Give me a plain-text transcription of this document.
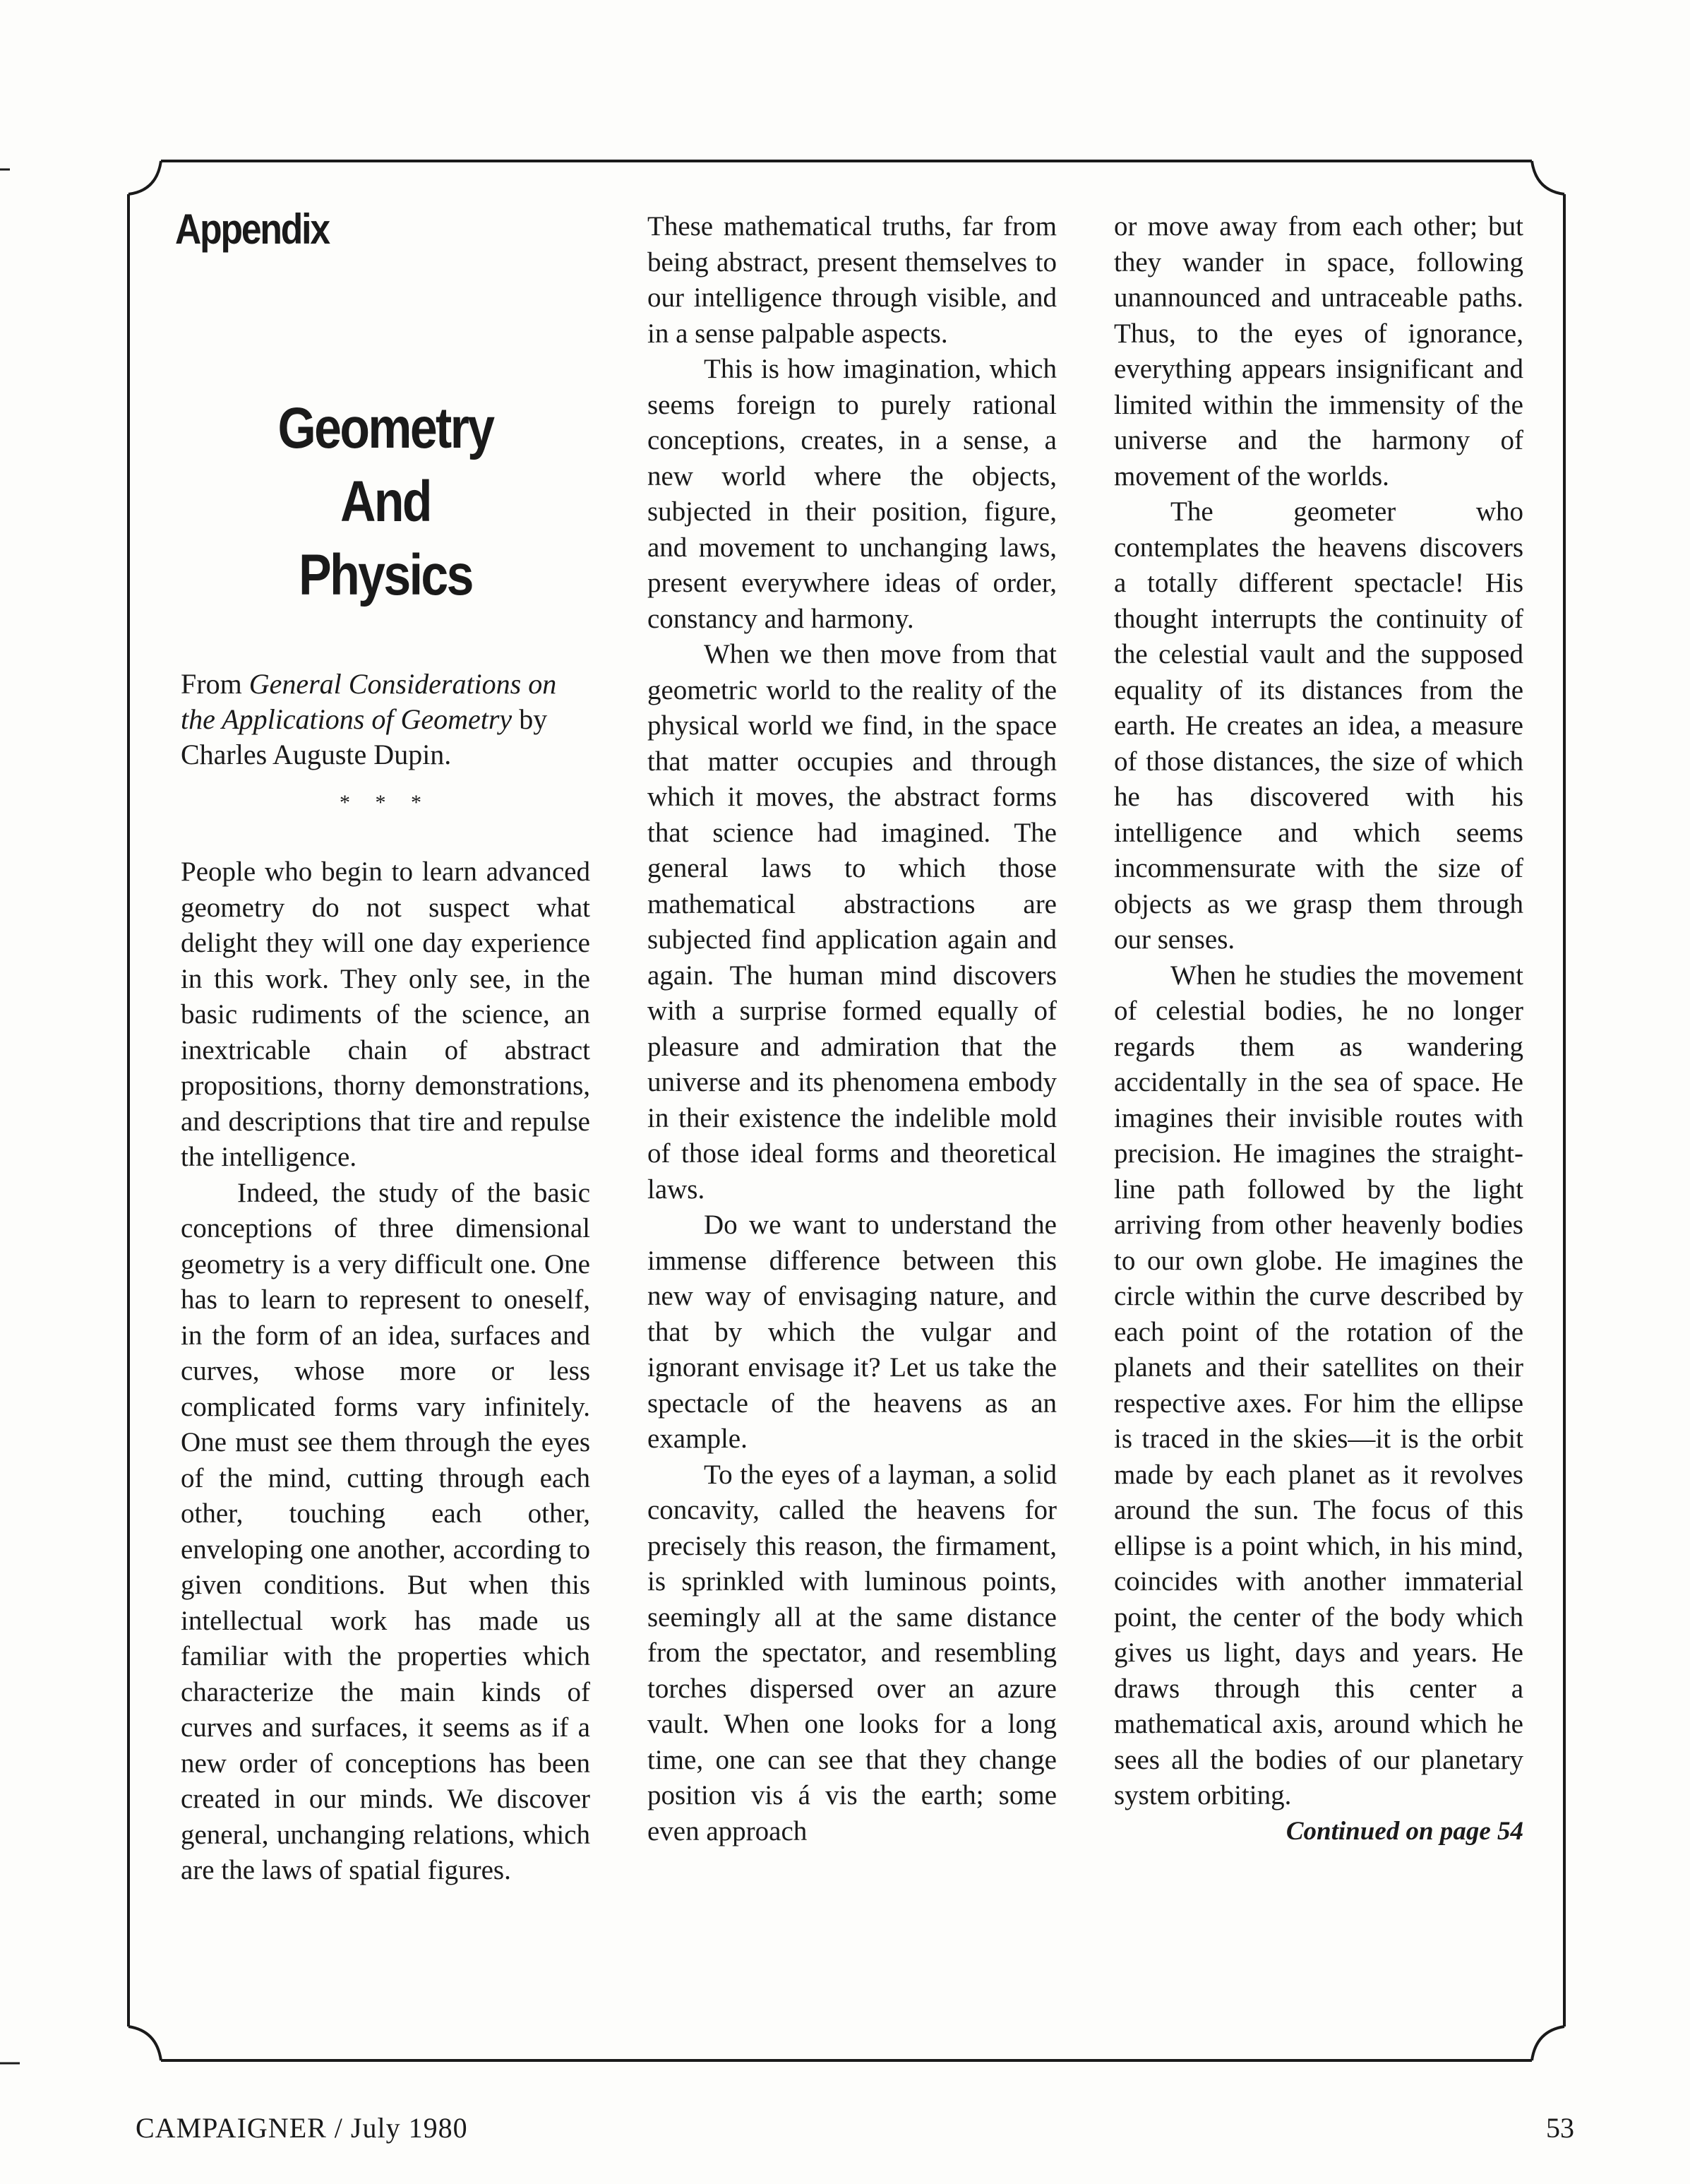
Appendix
Geometry
And
Physics
From General Considerations on the Applications of Geometry by Charles Auguste Dupin.
* * *

People who begin to learn advanced geometry do not suspect what delight they will one day experience in this work. They only see, in the basic rudiments of the science, an inextricable chain of abstract propositions, thorny demonstrations, and descriptions that tire and repulse the intelligence.

Indeed, the study of the basic conceptions of three dimensional geometry is a very difficult one. One has to learn to represent to oneself, in the form of an idea, surfaces and curves, whose more or less complicated forms vary infinitely. One must see them through the eyes of the mind, cutting through each other, touching each other, enveloping one another, according to given conditions. But when this intellectual work has made us familiar with the properties which characterize the main kinds of curves and surfaces, it seems as if a new order of conceptions has been created in our minds. We discover general, unchanging relations, which are the laws of spatial figures.

These mathematical truths, far from being abstract, present themselves to our intelligence through visible, and in a sense palpable aspects.

This is how imagination, which seems foreign to purely rational conceptions, creates, in a sense, a new world where the objects, subjected in their position, figure, and movement to unchanging laws, present everywhere ideas of order, constancy and harmony.

When we then move from that geometric world to the reality of the physical world we find, in the space that matter occupies and through which it moves, the abstract forms that science had imagined. The general laws to which those mathematical abstractions are subjected find application again and again. The human mind discovers with a surprise formed equally of pleasure and admiration that the universe and its phenomena embody in their existence the indelible mold of those ideal forms and theoretical laws.

Do we want to understand the immense difference between this new way of envisaging nature, and that by which the vulgar and ignorant envisage it? Let us take the spectacle of the heavens as an example.

To the eyes of a layman, a solid concavity, called the heavens for precisely this reason, the firmament, is sprinkled with luminous points, seemingly all at the same distance from the spectator, and resembling torches dispersed over an azure vault. When one looks for a long time, one can see that they change position vis á vis the earth; some even approach

or move away from each other; but they wander in space, following unannounced and untraceable paths. Thus, to the eyes of ignorance, everything appears insignificant and limited within the immensity of the universe and the harmony of movement of the worlds.

The geometer who contemplates the heavens discovers a totally different spectacle! His thought interrupts the continuity of the celestial vault and the supposed equality of its distances from the earth. He creates an idea, a measure of those distances, the size of which he has discovered with his intelligence and which seems incommensurate with the size of objects as we grasp them through our senses.

When he studies the movement of celestial bodies, he no longer regards them as wandering accidentally in the sea of space. He imagines their invisible routes with precision. He imagines the straight-line path followed by the light arriving from other heavenly bodies to our own globe. He imagines the circle within the curve described by each point of the rotation of the planets and their satellites on their respective axes. For him the ellipse is traced in the skies—it is the orbit made by each planet as it revolves around the sun. The focus of this ellipse is a point which, in his mind, coincides with another immaterial point, the center of the body which gives us light, days and years. He draws through this center a mathematical axis, around which he sees all the bodies of our planetary system orbiting.

Continued on page 54

CAMPAIGNER / July 1980	53
